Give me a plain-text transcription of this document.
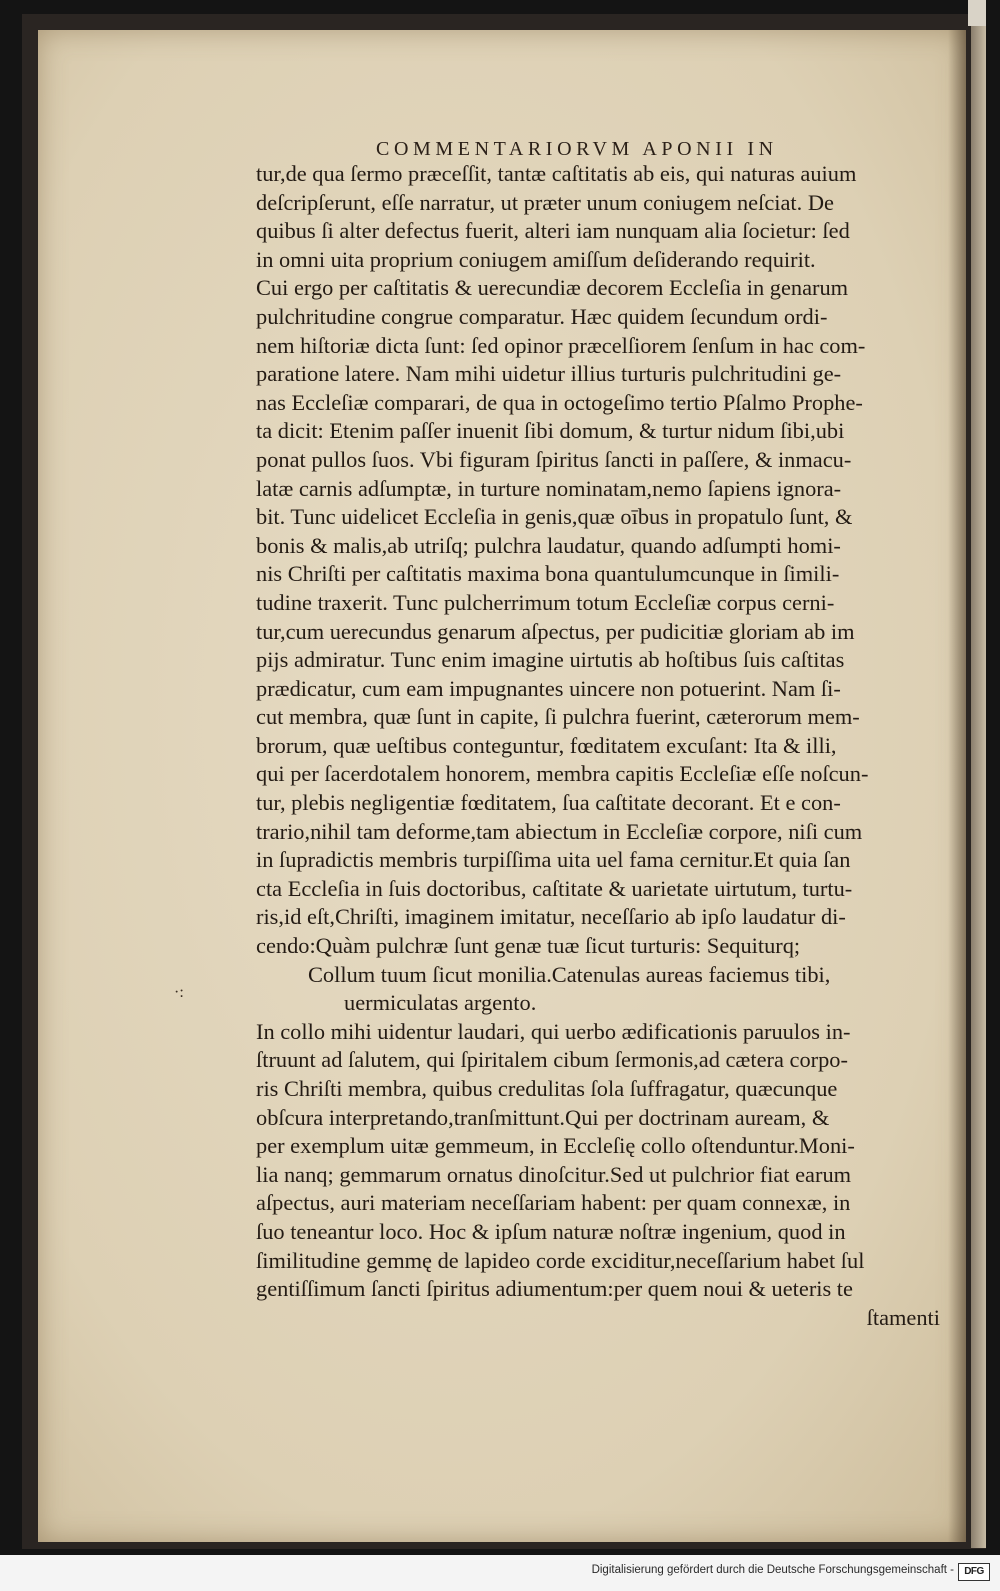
COMMENTARIORVM APONII IN
·:
tur,de qua ſermo præceſſit, tantæ caſtitatis ab eis, qui naturas auium
deſcripſerunt, eſſe narratur, ut præter unum coniugem neſciat. De
quibus ſi alter defectus fuerit, alteri iam nunquam alia ſocietur: ſed
in omni uita proprium coniugem amiſſum deſiderando requirit.
Cui ergo per caſtitatis & uerecundiæ decorem Eccleſia in genarum
pulchritudine congrue comparatur. Hæc quidem ſecundum ordi-
nem hiſtoriæ dicta ſunt: ſed opinor præcelſiorem ſenſum in hac com-
paratione latere. Nam mihi uidetur illius turturis pulchritudini ge-
nas Eccleſiæ comparari, de qua in octogeſimo tertio Pſalmo Prophe-
ta dicit: Etenim paſſer inuenit ſibi domum, & turtur nidum ſibi,ubi
ponat pullos ſuos. Vbi figuram ſpiritus ſancti in paſſere, & inmacu-
latæ carnis adſumptæ, in turture nominatam,nemo ſapiens ignora-
bit. Tunc uidelicet Eccleſia in genis,quæ oībus in propatulo ſunt, &
bonis & malis,ab utriſq; pulchra laudatur, quando adſumpti homi-
nis Chriſti per caſtitatis maxima bona quantulumcunque in ſimili-
tudine traxerit. Tunc pulcherrimum totum Eccleſiæ corpus cerni-
tur,cum uerecundus genarum aſpectus, per pudicitiæ gloriam ab im
pijs admiratur. Tunc enim imagine uirtutis ab hoſtibus ſuis caſtitas
prædicatur, cum eam impugnantes uincere non potuerint. Nam ſi-
cut membra, quæ ſunt in capite, ſi pulchra fuerint, cæterorum mem-
brorum, quæ ueſtibus conteguntur, fœditatem excuſant: Ita & illi,
qui per ſacerdotalem honorem, membra capitis Eccleſiæ eſſe noſcun-
tur, plebis negligentiæ fœditatem, ſua caſtitate decorant. Et e con-
trario,nihil tam deforme,tam abiectum in Eccleſiæ corpore, niſi cum
in ſupradictis membris turpiſſima uita uel fama cernitur.Et quia ſan
cta Eccleſia in ſuis doctoribus, caſtitate & uarietate uirtutum, turtu-
ris,id eſt,Chriſti, imaginem imitatur, neceſſario ab ipſo laudatur di-
cendo:Quàm pulchræ ſunt genæ tuæ ſicut turturis: Sequiturq;
Collum tuum ſicut monilia.Catenulas aureas faciemus tibi,
uermiculatas argento.
In collo mihi uidentur laudari, qui uerbo ædificationis paruulos in-
ſtruunt ad ſalutem, qui ſpiritalem cibum ſermonis,ad cætera corpo-
ris Chriſti membra, quibus credulitas ſola ſuffragatur, quæcunque
obſcura interpretando,tranſmittunt.Qui per doctrinam auream, &
per exemplum uitæ gemmeum, in Eccleſię collo oſtenduntur.Moni-
lia nanq; gemmarum ornatus dinoſcitur.Sed ut pulchrior fiat earum
aſpectus, auri materiam neceſſariam habent: per quam connexæ, in
ſuo teneantur loco. Hoc & ipſum naturæ noſtræ ingenium, quod in
ſimilitudine gemmę de lapideo corde exciditur,neceſſarium habet ſul
gentiſſimum ſancti ſpiritus adiumentum:per quem noui & ueteris te
ſtamenti
Digitalisierung gefördert durch die Deutsche Forschungsgemeinschaft -	DFG
